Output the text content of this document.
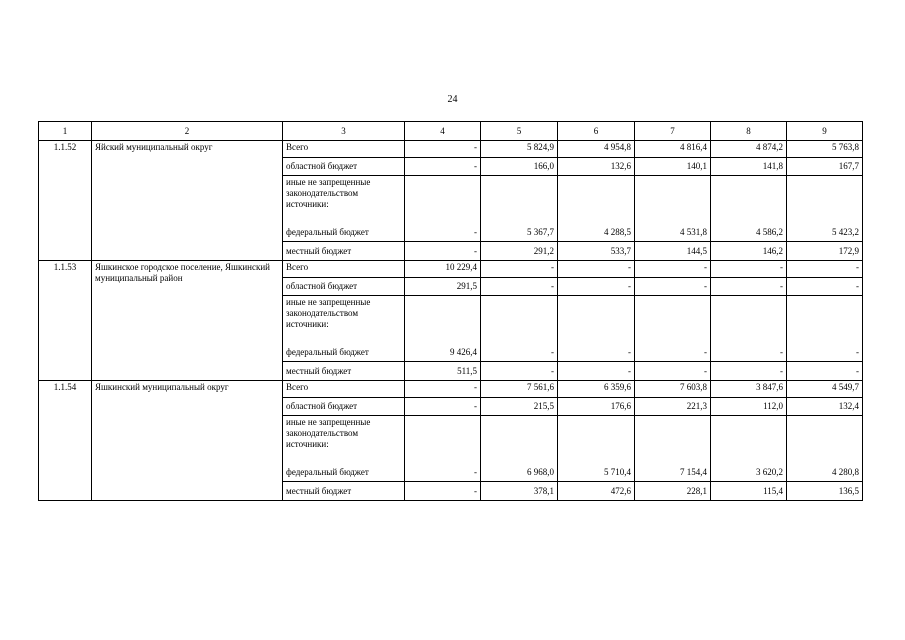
24
1	2	3	4	5	6	7	8	9
1.1.52	Яйский муниципальный округ	Всего	-	5 824,9	4 954,8	4 816,4	4 874,2	5 763,8
		областной бюджет	-	166,0	132,6	140,1	141,8	167,7
		иные не запрещенные законодательством источники:						
		федеральный бюджет	-	5 367,7	4 288,5	4 531,8	4 586,2	5 423,2
		местный бюджет	-	291,2	533,7	144,5	146,2	172,9
1.1.53	Яшкинское городское поселение, Яшкинский муниципальный район	Всего	10 229,4	-	-	-	-	-
		областной бюджет	291,5	-	-	-	-	-
		иные не запрещенные законодательством источники:						
		федеральный бюджет	9 426,4	-	-	-	-	-
		местный бюджет	511,5	-	-	-	-	-
1.1.54	Яшкинский муниципальный округ	Всего	-	7 561,6	6 359,6	7 603,8	3 847,6	4 549,7
		областной бюджет	-	215,5	176,6	221,3	112,0	132,4
		иные не запрещенные законодательством источники:						
		федеральный бюджет	-	6 968,0	5 710,4	7 154,4	3 620,2	4 280,8
		местный бюджет	-	378,1	472,6	228,1	115,4	136,5
